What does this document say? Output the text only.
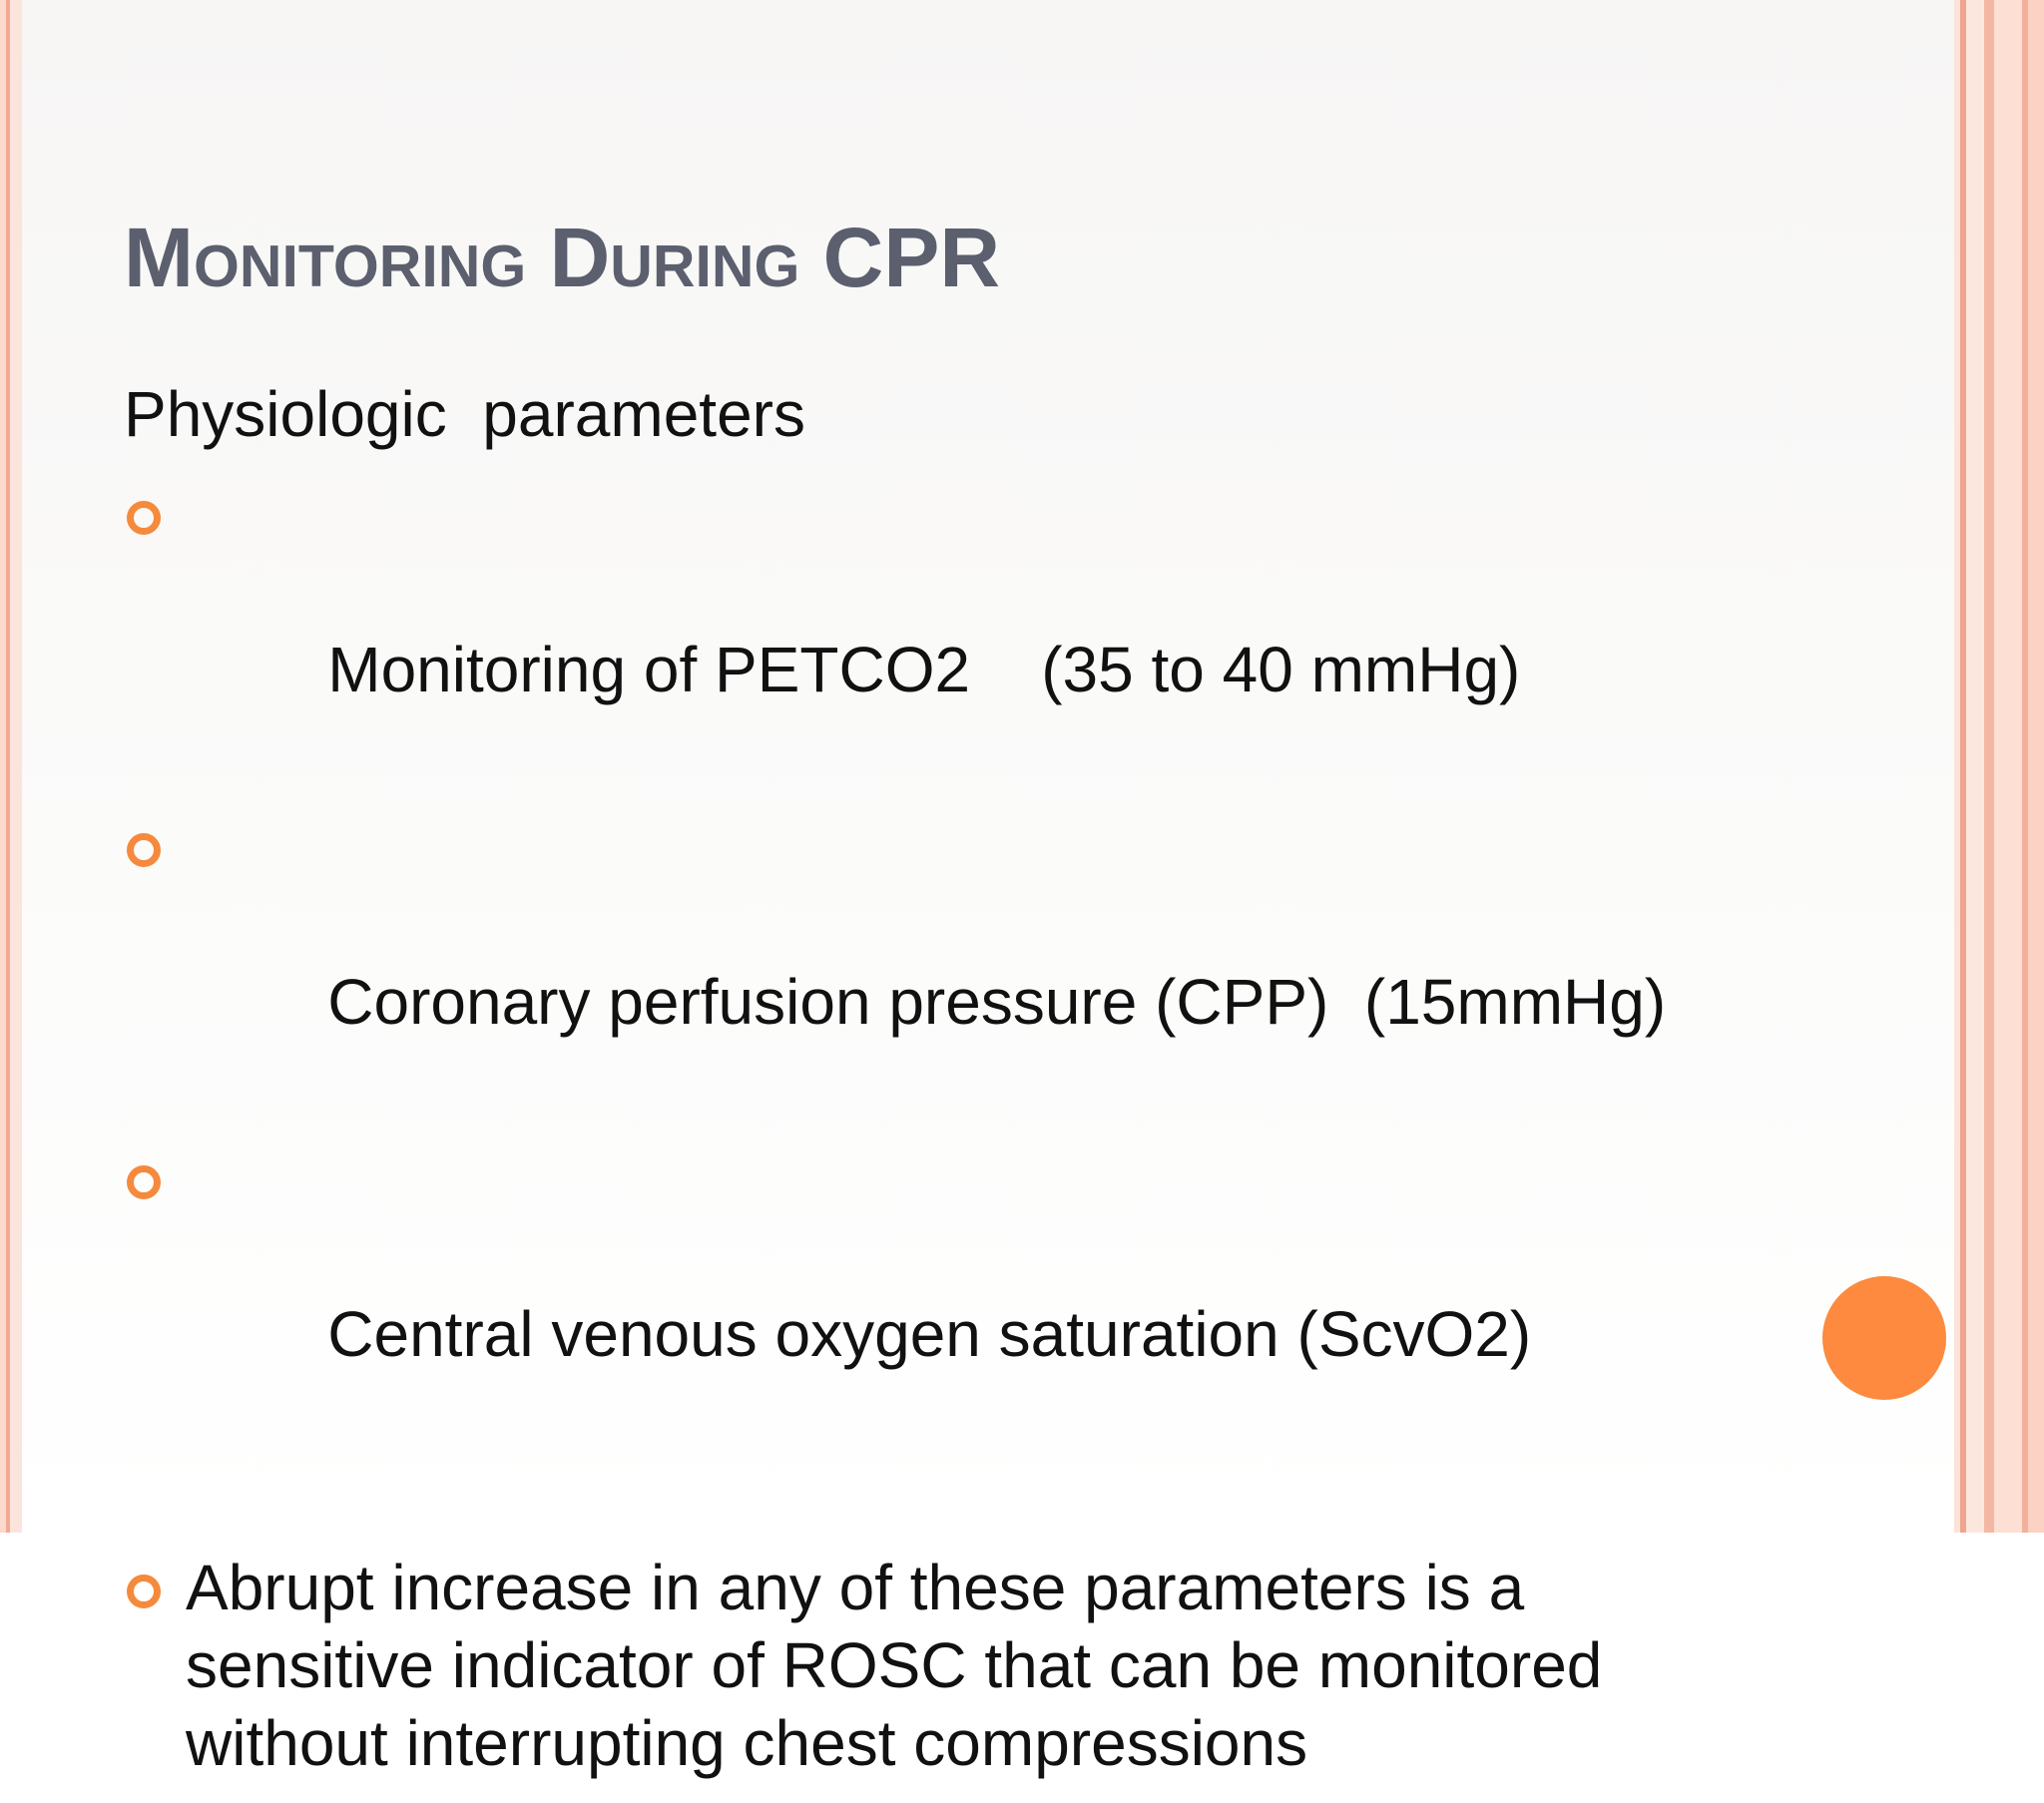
Monitoring During CPR

Physiologic  parameters

Monitoring of PETCO2    (35 to 40 mmHg)

Coronary perfusion pressure (CPP)  (15mmHg)

Central venous oxygen saturation (ScvO2)

Abrupt increase in any of these parameters is a
sensitive indicator of ROSC that can be monitored
without interrupting chest compressions
